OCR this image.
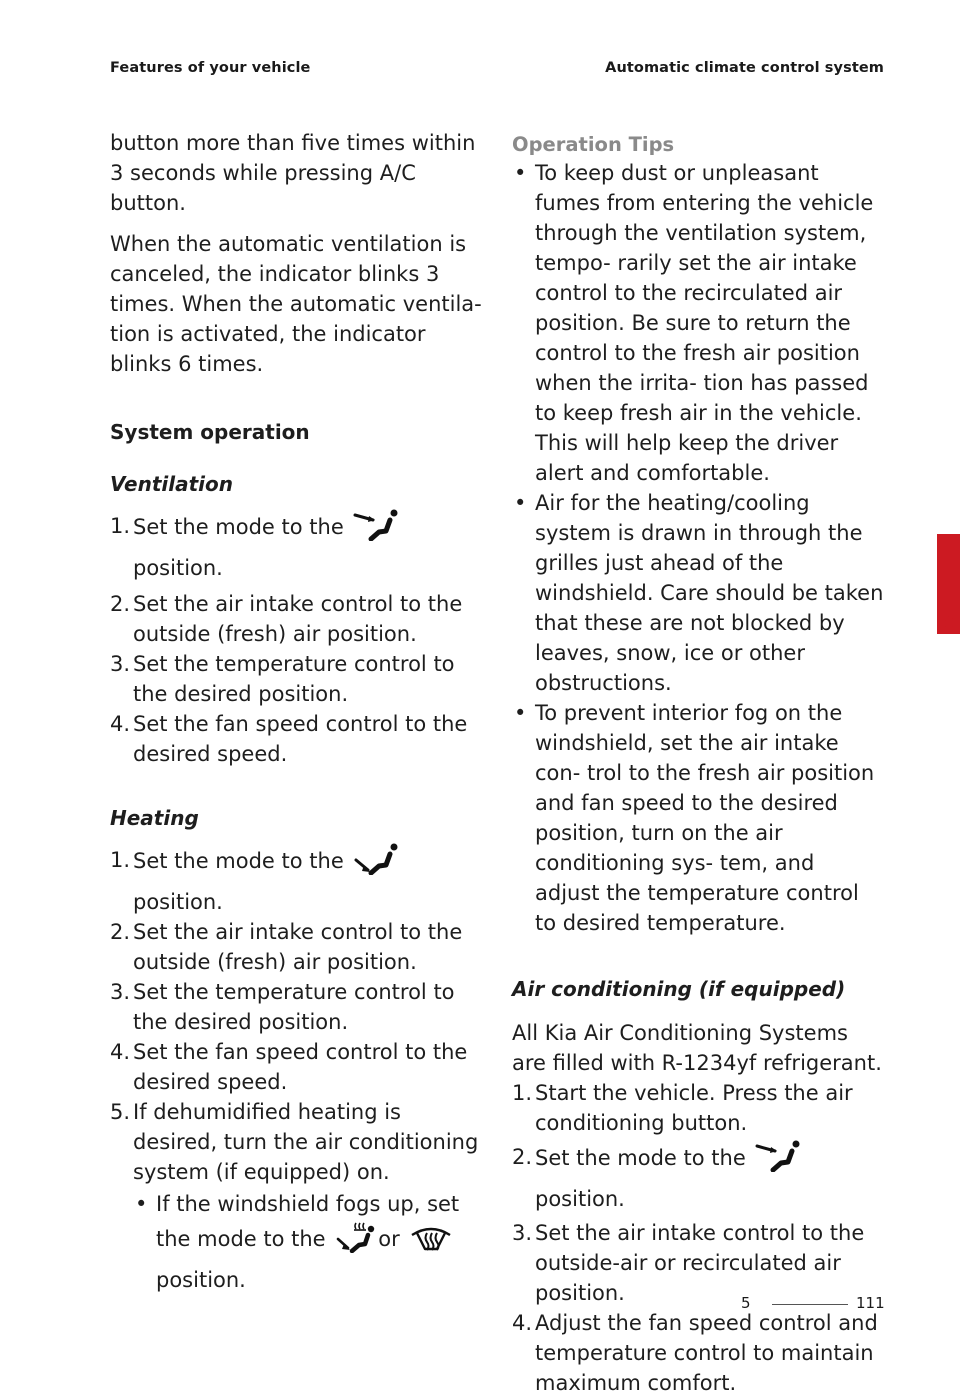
Features of your vehicle	Automatic climate control system

button more than five times within 3 seconds while pressing A/C button.

When the automatic ventilation is canceled, the indicator blinks 3 times. When the automatic ventila- tion is activated, the indicator blinks 6 times.

System operation
Ventilation
1. Set the mode to the position.
2. Set the air intake control to the outside (fresh) air position.
3. Set the temperature control to the desired position.
4. Set the fan speed control to the desired speed.
Heating
1. Set the mode to the position.
2. Set the air intake control to the outside (fresh) air position.
3. Set the temperature control to the desired position.
4. Set the fan speed control to the desired speed.
5. If dehumidified heating is desired, turn the air conditioning system (if equipped) on.
• If the windshield fogs up, set the mode to the	or
position.
Operation Tips
• To keep dust or unpleasant fumes from entering the vehicle through the ventilation system, tempo- rarily set the air intake control to the recirculated air position. Be sure to return the control to the fresh air position when the irrita- tion has passed to keep fresh air in the vehicle. This will help keep the driver alert and comfortable.
• Air for the heating/cooling system is drawn in through the grilles just ahead of the windshield. Care should be taken that these are not blocked by leaves, snow, ice or other obstructions.
• To prevent interior fog on the windshield, set the air intake con- trol to the fresh air position and fan speed to the desired position, turn on the air conditioning sys- tem, and adjust the temperature control to desired temperature.
Air conditioning (if equipped)

All Kia Air Conditioning Systems are filled with R-1234yf refrigerant.

1. Start the vehicle. Press the air conditioning button.
2. Set the mode to the position.
3. Set the air intake control to the outside-air or recirculated air position.
4. Adjust the fan speed control and temperature control to maintain maximum comfort.
5
5	111
